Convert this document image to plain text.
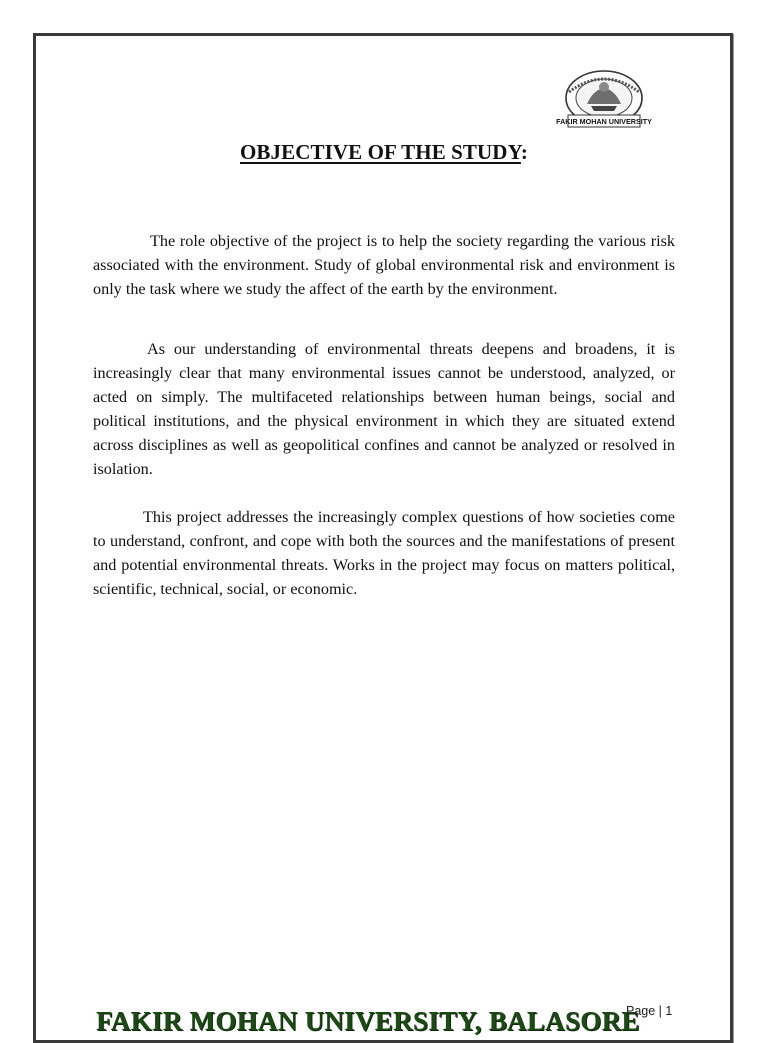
FAKIR MOHAN UNIVERSITY
OBJECTIVE OF THE STUDY:

The role objective of the project is to help the society regarding the various risk associated with the environment. Study of global environmental risk and environment is only the task where we study the affect of the earth by the environment.

As our understanding of environmental threats deepens and broadens, it is increasingly clear that many environmental issues cannot be understood, analyzed, or acted on simply. The multifaceted relationships between human beings, social and political institutions, and the physical environment in which they are situated extend across disciplines as well as geopolitical confines and cannot be analyzed or resolved in isolation.

This project addresses the increasingly complex questions of how societies come to understand, confront, and cope with both the sources and the manifestations of present and potential environmental threats. Works in the project may focus on matters political, scientific, technical, social, or economic.

FAKIR MOHAN UNIVERSITY, BALASORE
Page | 1
